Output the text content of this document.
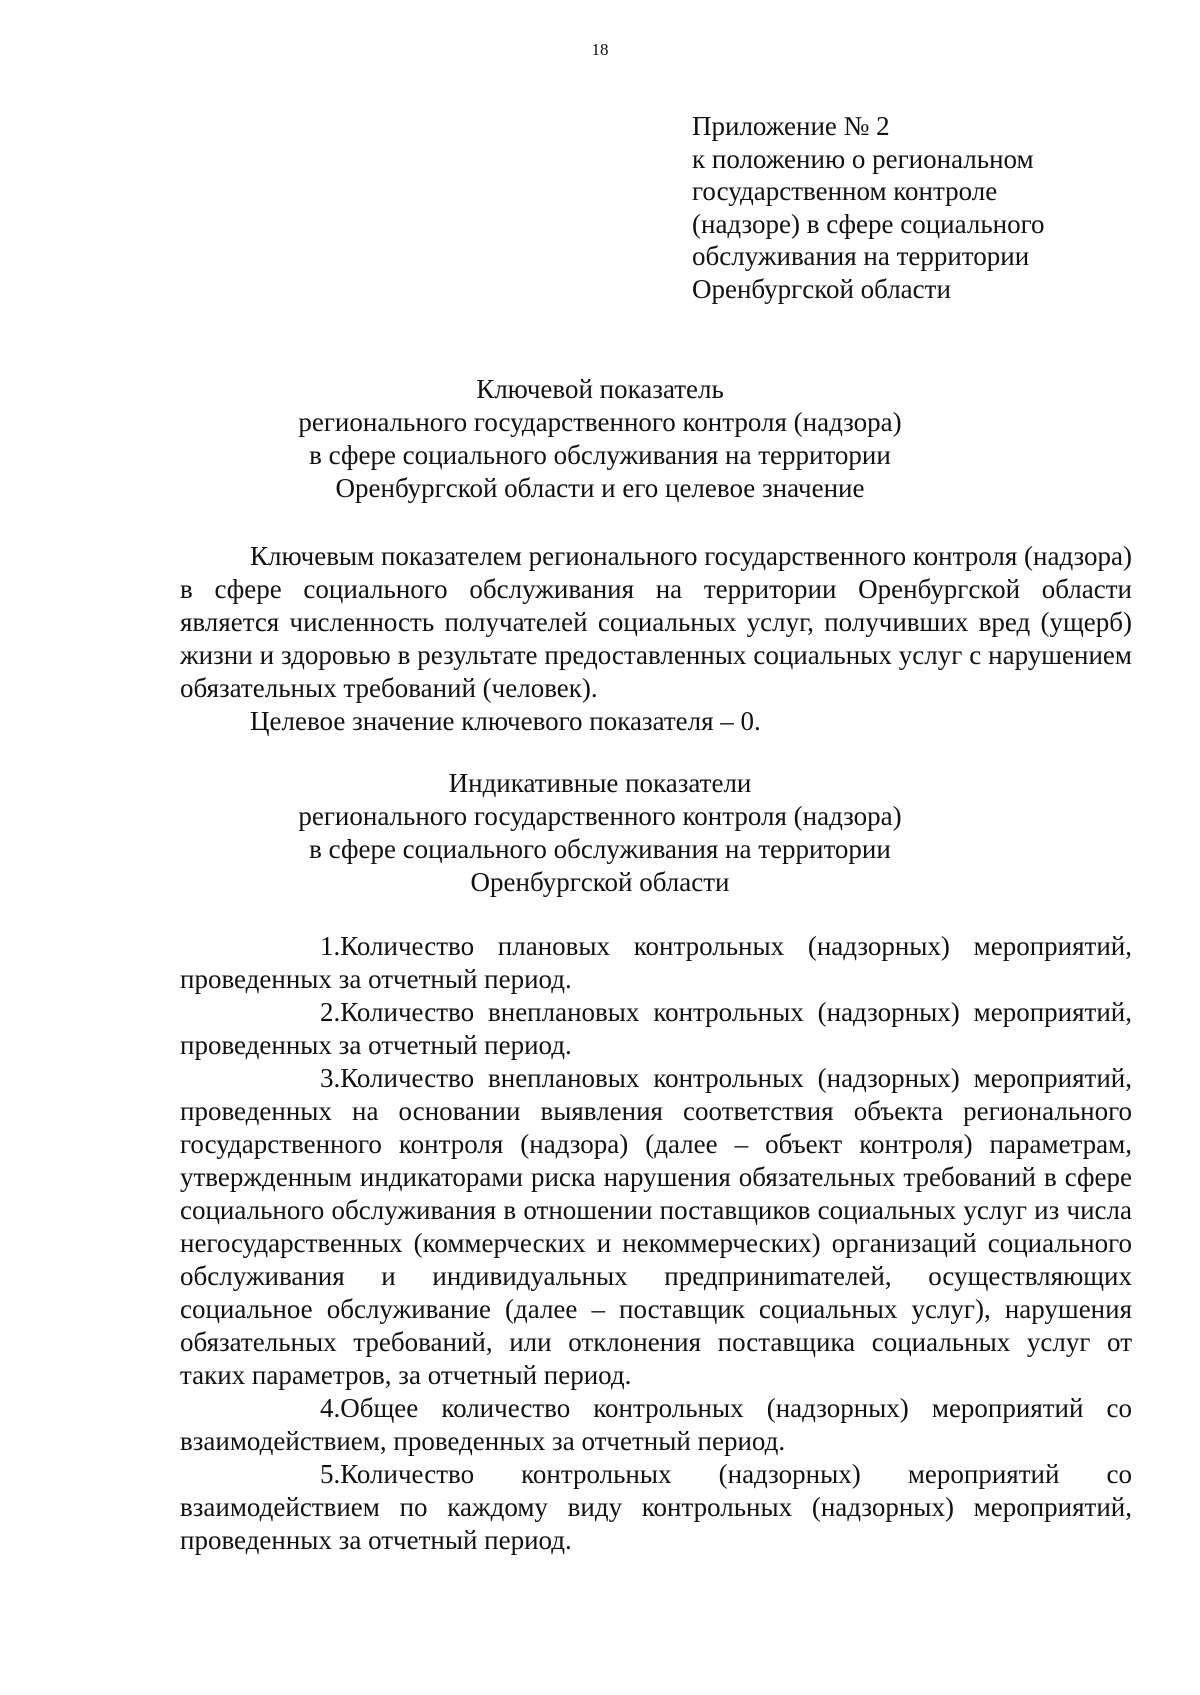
18
Приложение № 2
к положению о региональном
государственном контроле
(надзоре) в сфере социального
обслуживания на территории
Оренбургской области
Ключевой показатель
регионального государственного контроля (надзора)
в сфере социального обслуживания на территории
Оренбургской области и его целевое значение

Ключевым показателем регионального государственного контроля (надзора) в сфере социального обслуживания на территории Оренбургской области является численность получателей социальных услуг, получивших вред (ущерб) жизни и здоровью в результате предоставленных социальных услуг с нарушением обязательных требований (человек).

Целевое значение ключевого показателя – 0.

Индикативные показатели
регионального государственного контроля (надзора)
в сфере социального обслуживания на территории
Оренбургской области

1.Количество плановых контрольных (надзорных) мероприятий, проведенных за отчетный период.

2.Количество внеплановых контрольных (надзорных) мероприятий, проведенных за отчетный период.

3.Количество внеплановых контрольных (надзорных) мероприятий, проведенных на основании выявления соответствия объекта регионального государственного контроля (надзора) (далее – объект контроля) параметрам, утвержденным индикаторами риска нарушения обязательных требований в сфере социального обслуживания в отношении поставщиков социальных услуг из числа негосударственных (коммерческих и некоммерческих) организаций социального обслуживания и индивидуальных предприниmателей, осуществляющих социальное обслуживание (далее – поставщик социальных услуг), нарушения обязательных требований, или отклонения поставщика социальных услуг от таких параметров, за отчетный период.

4.Общее количество контрольных (надзорных) мероприятий со взаимодействием, проведенных за отчетный период.

5.Количество контрольных (надзорных) мероприятий со взаимодействием по каждому виду контрольных (надзорных) мероприятий, проведенных за отчетный период.
